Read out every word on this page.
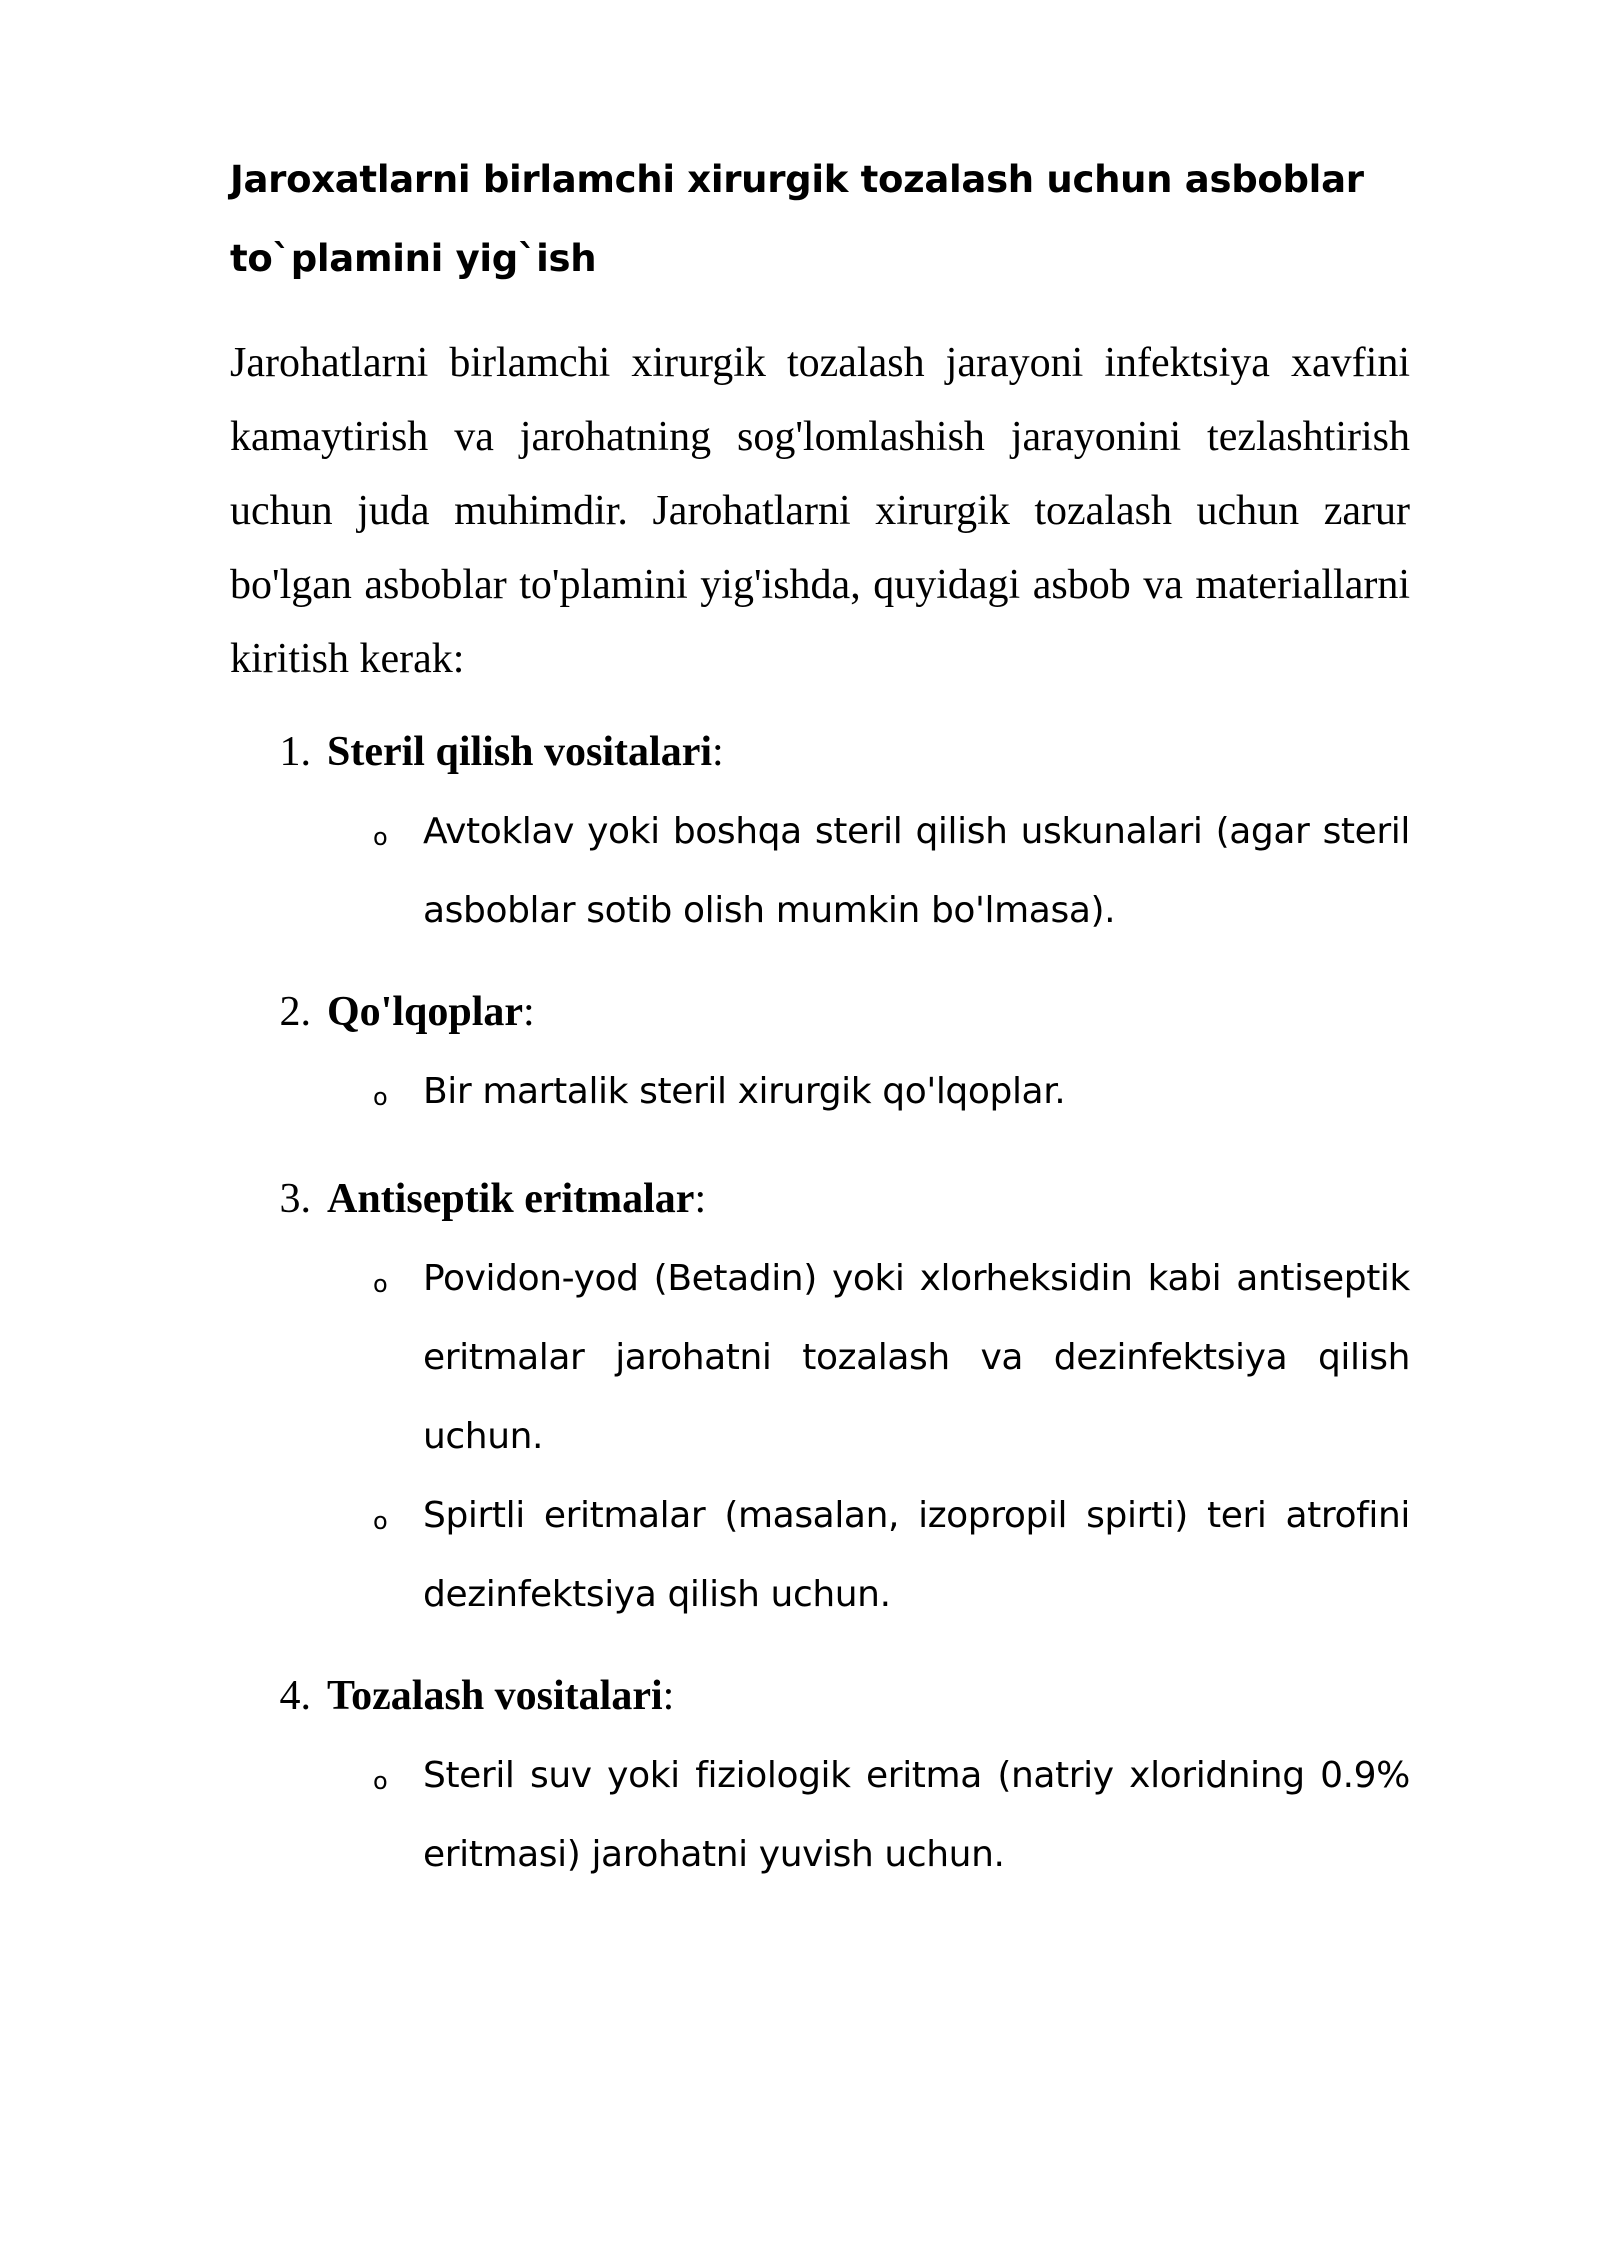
Jaroxatlarni birlamchi xirurgik tozalash uchun asboblar to`plamini yig`ish

Jarohatlarni birlamchi xirurgik tozalash jarayoni infektsiya xavfini kamaytirish va jarohatning sog'lomlashish jarayonini tezlashtirish uchun juda muhimdir. Jarohatlarni xirurgik tozalash uchun zarur bo'lgan asboblar to'plamini yig'ishda, quyidagi asbob va materiallarni kiritish kerak:

1. Steril qilish vositalari:
o Avtoklav yoki boshqa steril qilish uskunalari (agar steril asboblar sotib olish mumkin bo'lmasa).
2. Qo'lqoplar:
o Bir martalik steril xirurgik qo'lqoplar.
3. Antiseptik eritmalar:
o Povidon-yod (Betadin) yoki xlorheksidin kabi antiseptik eritmalar jarohatni tozalash va dezinfektsiya qilish uchun.
o Spirtli eritmalar (masalan, izopropil spirti) teri atrofini dezinfektsiya qilish uchun.
4. Tozalash vositalari:
o Steril suv yoki fiziologik eritma (natriy xloridning 0.9% eritmasi) jarohatni yuvish uchun.
